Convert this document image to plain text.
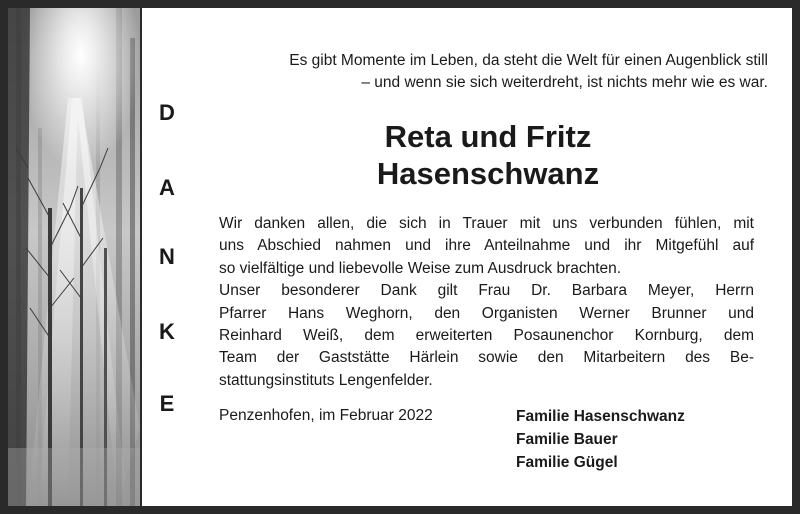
D
A
N
K
E
Es gibt Momente im Leben, da steht die Welt für einen Augenblick still
– und wenn sie sich weiterdreht, ist nichts mehr wie es war.
Reta und Fritz
Hasenschwanz
Wir danken allen, die sich in Trauer mit uns verbunden fühlen, mit
uns Abschied nahmen und ihre Anteilnahme und ihr Mitgefühl auf
so vielfältige und liebevolle Weise zum Ausdruck brachten.
Unser besonderer Dank gilt Frau Dr. Barbara Meyer, Herrn
Pfarrer Hans Weghorn, den Organisten Werner Brunner und
Reinhard Weiß, dem erweiterten Posaunenchor Kornburg, dem
Team der Gaststätte Härlein sowie den Mitarbeitern des Be-
stattungsinstituts Lengenfelder.
Penzenhofen, im Februar 2022	Familie Hasenschwanz
Familie Bauer
Familie Gügel
